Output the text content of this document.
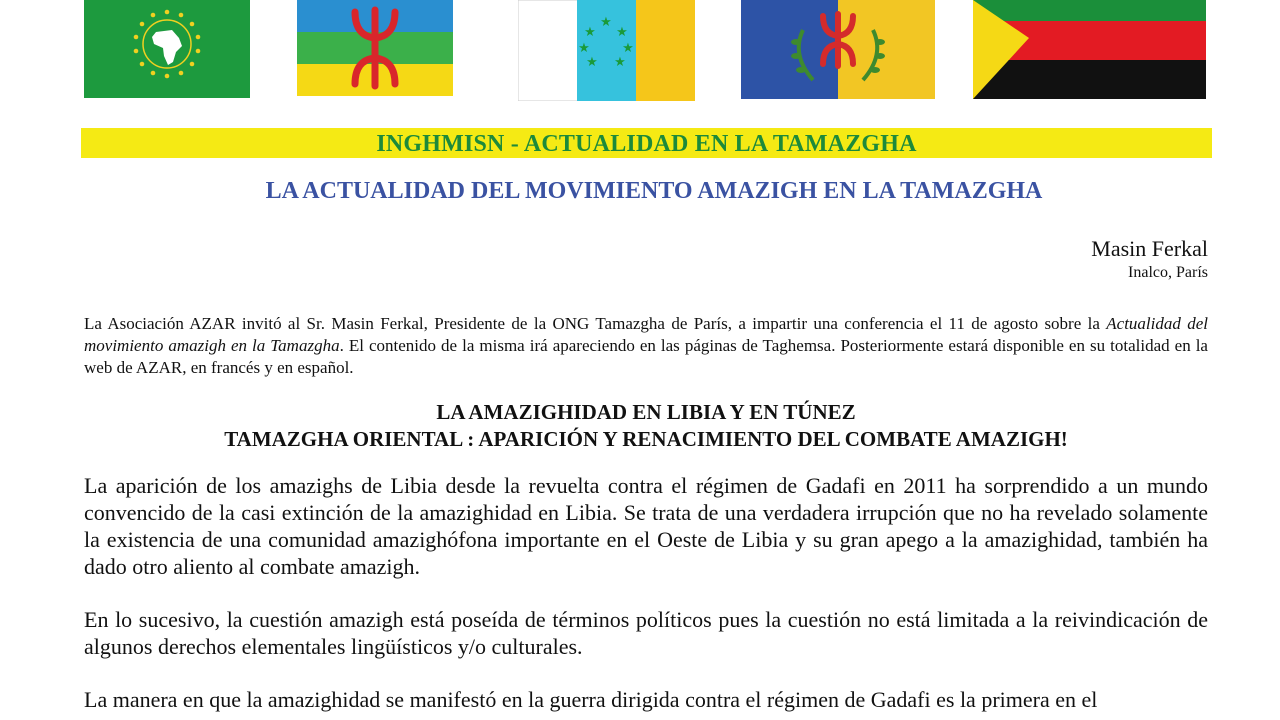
★
★ ★
★ ★
★ ★
INGHMISN - ACTUALIDAD EN LA TAMAZGHA
LA ACTUALIDAD DEL MOVIMIENTO AMAZIGH EN LA TAMAZGHA
Masin Ferkal
Inalco, París
La Asociación AZAR invitó al Sr. Masin Ferkal, Presidente de la ONG Tamazgha de París, a impartir una conferencia el 11 de agosto sobre la Actualidad del movimiento amazigh en la Tamazgha. El contenido de la misma irá apareciendo en las páginas de Taghemsa. Posteriormente estará disponible en su totalidad en la web de AZAR, en francés y en español.
LA AMAZIGHIDAD EN LIBIA Y EN TÚNEZ
TAMAZGHA ORIENTAL : APARICIÓN Y RENACIMIENTO DEL COMBATE AMAZIGH!
La aparición de los amazighs de Libia desde la revuelta contra el régimen de Gadafi en 2011 ha sorprendido a un mundo convencido de la casi extinción de la amazighidad en Libia. Se trata de una verdadera irrupción que no ha revelado solamente la existencia de una comunidad amazighófona importante en el Oeste de Libia y su gran apego a la amazighidad, también ha dado otro aliento al combate amazigh.
En lo sucesivo, la cuestión amazigh está poseída de términos políticos pues la cuestión no está limitada a la reivindicación de algunos derechos elementales lingüísticos y/o culturales.
La manera en que la amazighidad se manifestó en la guerra dirigida contra el régimen de Gadafi es la primera en el
